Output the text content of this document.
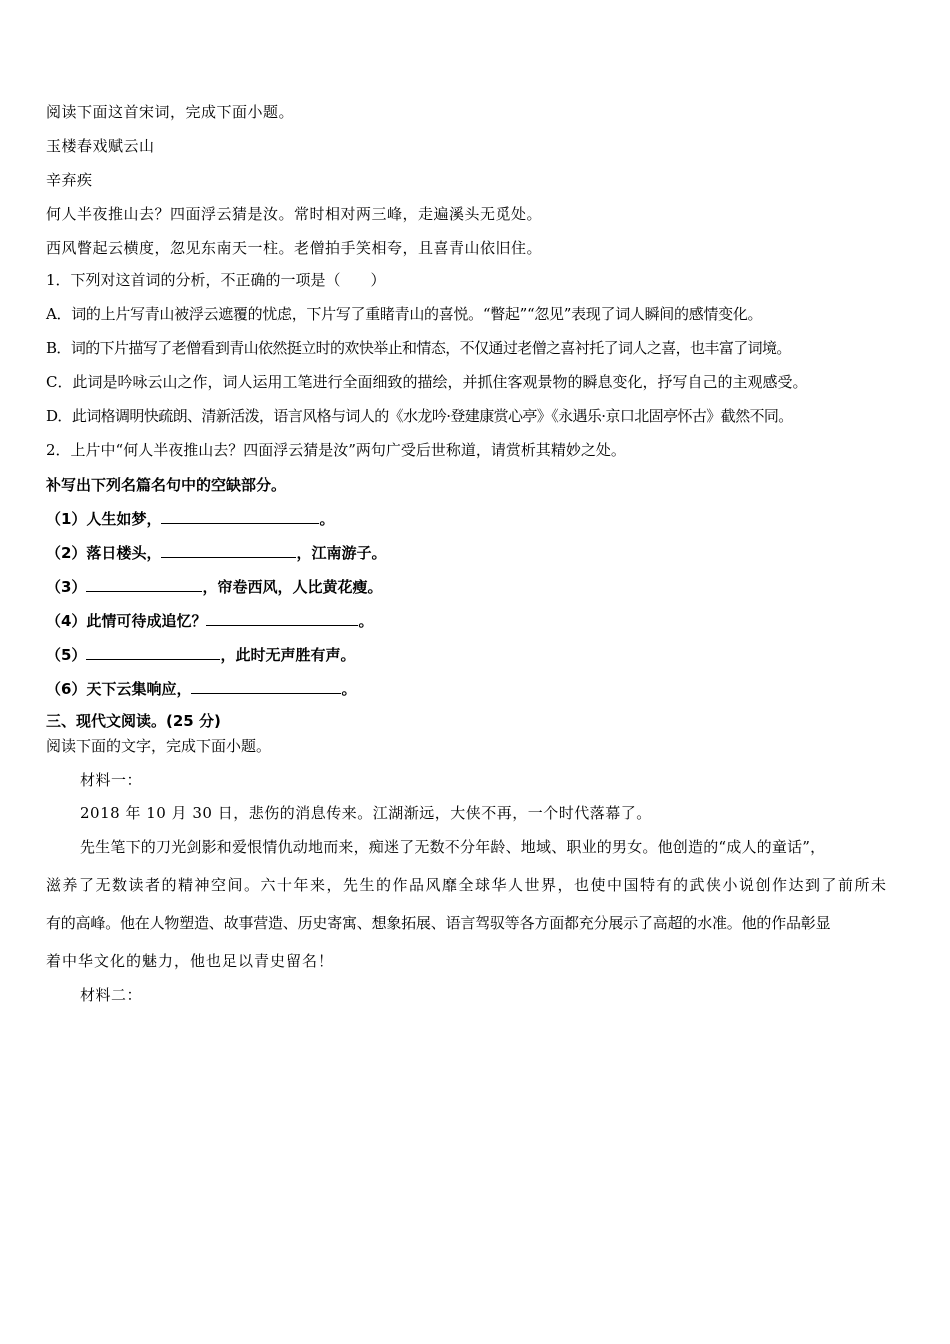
阅读下面这首宋词，完成下面小题。
玉楼春戏赋云山
辛弃疾
何人半夜推山去？四面浮云猜是汝。常时相对两三峰，走遍溪头无觅处。
西风瞥起云横度，忽见东南天一柱。老僧拍手笑相夸，且喜青山依旧住。
1．下列对这首词的分析，不正确的一项是（　　）
A．词的上片写青山被浮云遮覆的忧虑，下片写了重睹青山的喜悦。“瞥起”“忽见”表现了词人瞬间的感情变化。
B．词的下片描写了老僧看到青山依然挺立时的欢快举止和情态，不仅通过老僧之喜衬托了词人之喜，也丰富了词境。
C．此词是吟咏云山之作，词人运用工笔进行全面细致的描绘，并抓住客观景物的瞬息变化，抒写自己的主观感受。
D．此词格调明快疏朗、清新活泼，语言风格与词人的《水龙吟·登建康赏心亭》《永遇乐·京口北固亭怀古》截然不同。
2．上片中“何人半夜推山去？四面浮云猜是汝”两句广受后世称道，请赏析其精妙之处。
补写出下列名篇名句中的空缺部分。
（1）人生如梦，	。
（2）落日楼头，	，江南游子。
（3）	，帘卷西风，人比黄花瘦。
（4）此情可待成追忆？	。
（5）	，此时无声胜有声。
（6）天下云集响应，	。
三、现代文阅读。(25 分)
阅读下面的文字，完成下面小题。
材料一：
2018 年 10 月 30 日，悲伤的消息传来。江湖渐远，大侠不再，一个时代落幕了。
先生笔下的刀光剑影和爱恨情仇动地而来，痴迷了无数不分年龄、地域、职业的男女。他创造的“成人的童话”，
滋养了无数读者的精神空间。六十年来，先生的作品风靡全球华人世界，也使中国特有的武侠小说创作达到了前所未
有的高峰。他在人物塑造、故事营造、历史寄寓、想象拓展、语言驾驭等各方面都充分展示了高超的水准。他的作品彰显
着中华文化的魅力，他也足以青史留名！
材料二：
